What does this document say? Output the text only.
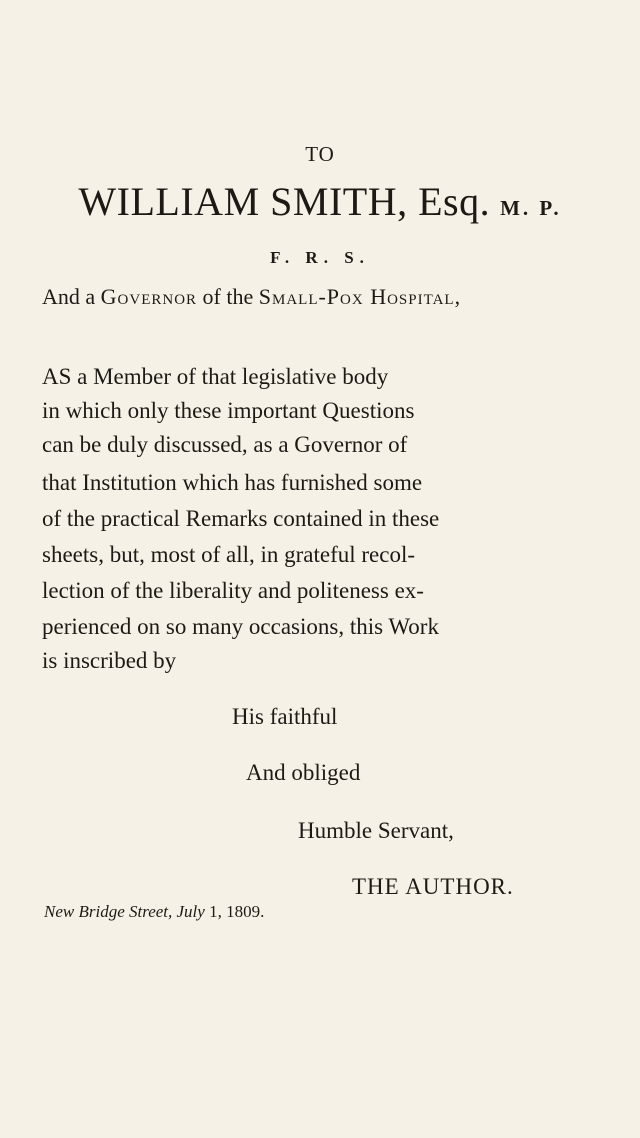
TO
WILLIAM SMITH, Esq. M. P.
F. R. S.
And a Governor of the Small-Pox Hospital,
AS a Member of that legislative body
in which only these important Questions
can be duly discussed, as a Governor of
that Institution which has furnished some
of the practical Remarks contained in these
sheets, but, most of all, in grateful recol-
lection of the liberality and politeness ex-
perienced on so many occasions, this Work
is inscribed by
His faithful
And obliged
Humble Servant,
THE AUTHOR.
New Bridge Street, July 1, 1809.
